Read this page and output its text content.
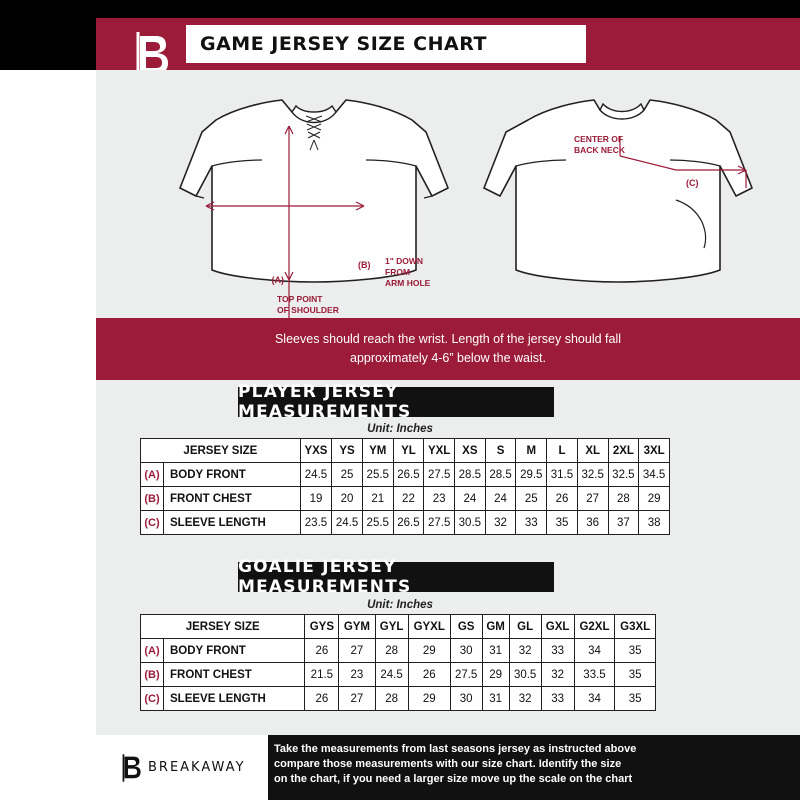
GAME JERSEY SIZE CHART
(A)
(B)
TOP POINT
OF SHOULDER
1" DOWN
FROM
ARM HOLE
CENTER OF
BACK NECK
(C)
Sleeves should reach the wrist. Length of the jersey should fall
approximately 4-6” below the waist.
PLAYER JERSEY MEASUREMENTS
Unit: Inches
JERSEY SIZE		YXS	YS	YM	YL	YXL	XS	S	M	L	XL	2XL	3XL
(A)	BODY FRONT	24.5	25	25.5	26.5	27.5	28.5	28.5	29.5	31.5	32.5	32.5	34.5
(B)	FRONT CHEST	19	20	21	22	23	24	24	25	26	27	28	29
(C)	SLEEVE LENGTH	23.5	24.5	25.5	26.5	27.5	30.5	32	33	35	36	37	38
GOALIE JERSEY MEASUREMENTS
Unit: Inches
JERSEY SIZE		GYS	GYM	GYL	GYXL	GS	GM	GL	GXL	G2XL	G3XL
(A)	BODY FRONT	26	27	28	29	30	31	32	33	34	35
(B)	FRONT CHEST	21.5	23	24.5	26	27.5	29	30.5	32	33.5	35
(C)	SLEEVE LENGTH	26	27	28	29	30	31	32	33	34	35
BREAKAWAY
Take the measurements from last seasons jersey as instructed above
compare those measurements with our size chart. Identify the size
on the chart, if you need a larger size move up the scale on the chart
